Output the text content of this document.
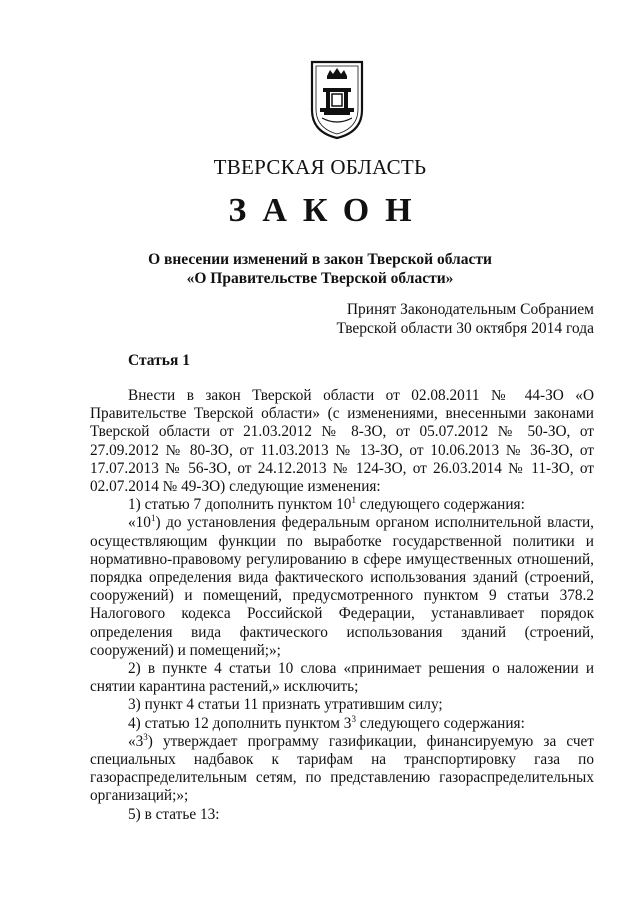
ТВЕРСКАЯ ОБЛАСТЬ
ЗАКОН
О внесении изменений в закон Тверской области
«О Правительстве Тверской области»
Принят Законодательным Собранием
Тверской области 30 октября 2014 года
Статья 1

Внести в закон Тверской области от 02.08.2011 № 44-ЗО «О Правительстве Тверской области» (с изменениями, внесенными законами Тверской области от 21.03.2012 № 8-ЗО, от 05.07.2012 № 50-ЗО, от 27.09.2012 № 80-ЗО, от 11.03.2013 № 13-ЗО, от 10.06.2013 № 36-ЗО, от 17.07.2013 № 56-ЗО, от 24.12.2013 № 124-ЗО, от 26.03.2014 № 11-ЗО, от 02.07.2014 № 49-ЗО) следующие изменения:

1) статью 7 дополнить пунктом $10^1$ следующего содержания:

«$10^1$) до установления федеральным органом исполнительной власти, осуществляющим функции по выработке государственной политики и нормативно-правовому регулированию в сфере имущественных отношений, порядка определения вида фактического использования зданий (строений, сооружений) и помещений, предусмотренного пунктом 9 статьи 378.2 Налогового кодекса Российской Федерации, устанавливает порядок определения вида фактического использования зданий (строений, сооружений) и помещений;»;

2) в пункте 4 статьи 10 слова «принимает решения о наложении и снятии карантина растений,» исключить;

3) пункт 4 статьи 11 признать утратившим силу;

4) статью 12 дополнить пунктом $3^3$ следующего содержания:

«$3^3$) утверждает программу газификации, финансируемую за счет специальных надбавок к тарифам на транспортировку газа по газораспределительным сетям, по представлению газораспределительных организаций;»;

5) в статье 13:
